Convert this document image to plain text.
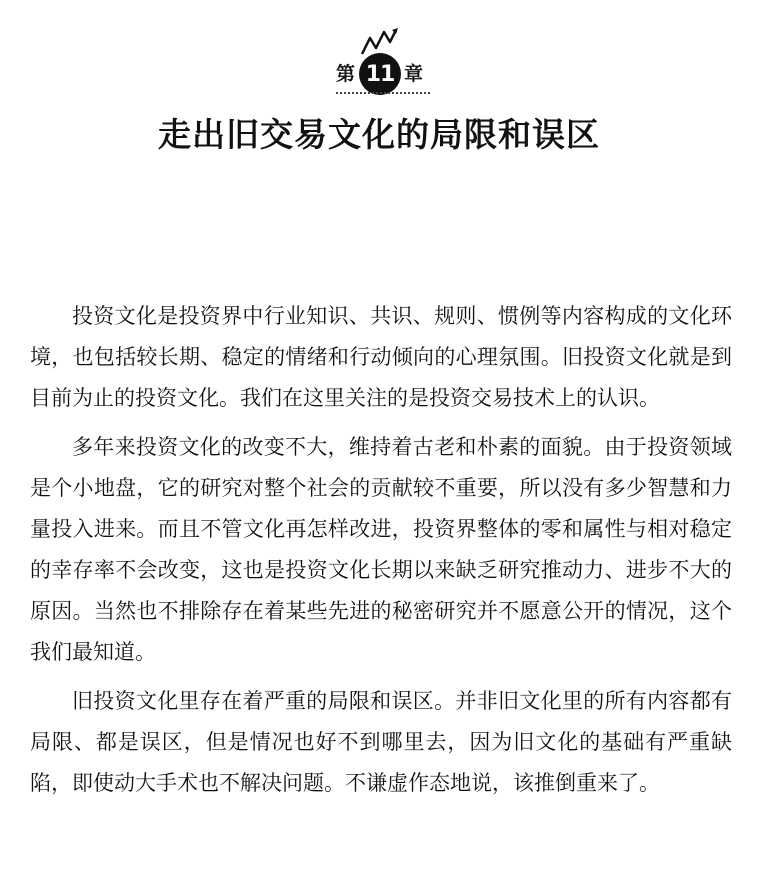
第 11 章
走出旧交易文化的局限和误区

投资文化是投资界中行业知识、共识、规则、惯例等内容构成的文化环境，也包括较长期、稳定的情绪和行动倾向的心理氛围。旧投资文化就是到目前为止的投资文化。我们在这里关注的是投资交易技术上的认识。

多年来投资文化的改变不大，维持着古老和朴素的面貌。由于投资领域是个小地盘，它的研究对整个社会的贡献较不重要，所以没有多少智慧和力量投入进来。而且不管文化再怎样改进，投资界整体的零和属性与相对稳定的幸存率不会改变，这也是投资文化长期以来缺乏研究推动力、进步不大的原因。当然也不排除存在着某些先进的秘密研究并不愿意公开的情况，这个我们最知道。

旧投资文化里存在着严重的局限和误区。并非旧文化里的所有内容都有局限、都是误区，但是情况也好不到哪里去，因为旧文化的基础有严重缺陷，即使动大手术也不解决问题。不谦虚作态地说，该推倒重来了。
